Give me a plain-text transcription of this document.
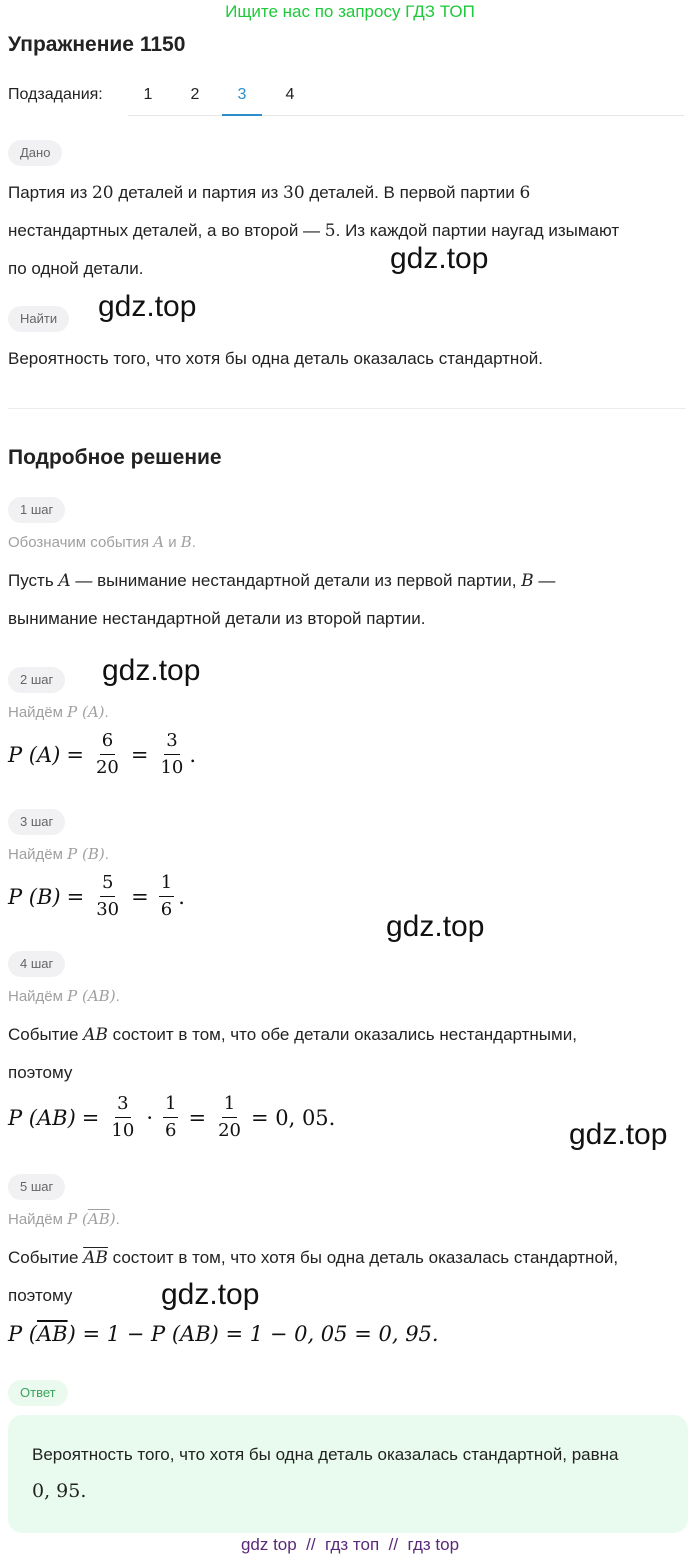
Ищите нас по запросу ГДЗ ТОП
Упражнение 1150
Подзадания:	1	2	3	4
Дано
Партия из 20 деталей и партия из 30 деталей. В первой партии 6
нестандартных деталей, а во второй — 5. Из каждой партии наугад изымают
по одной детали.
Найти
Вероятность того, что хотя бы одна деталь оказалась стандартной.
Подробное решение
1 шаг
Обозначим события A и B.
Пусть A — вынимание нестандартной детали из первой партии, B —
вынимание нестандартной детали из второй партии.
2 шаг
Найдём P (A).
P $(A) = \frac{6}{20} = \frac{3}{10}$ .
3 шаг
Найдём P (B).
P $(B) = \frac{5}{30} = \frac{1}{6}$ .
4 шаг
Найдём P (AB).
Событие AB состоит в том, что обе детали оказались нестандартными,
поэтому
P $(AB) = \frac{3}{10} \cdot \frac{1}{6} = \frac{1}{20} = 0$, 05.
5 шаг
Найдём P $(\overline{AB})$.
Событие $\overline{AB}$ состоит в том, что хотя бы одна деталь оказалась стандартной,
поэтому
P ( $\overline{AB}$ ) = 1 − P (AB) = 1 − 0, 05 = 0, 95.
Ответ
Вероятность того, что хотя бы одна деталь оказалась стандартной, равна
0, 95.
gdz top  //  гдз топ  //  гдз top
gdz.top
gdz.top
gdz.top
gdz.top
gdz.top
gdz.top
